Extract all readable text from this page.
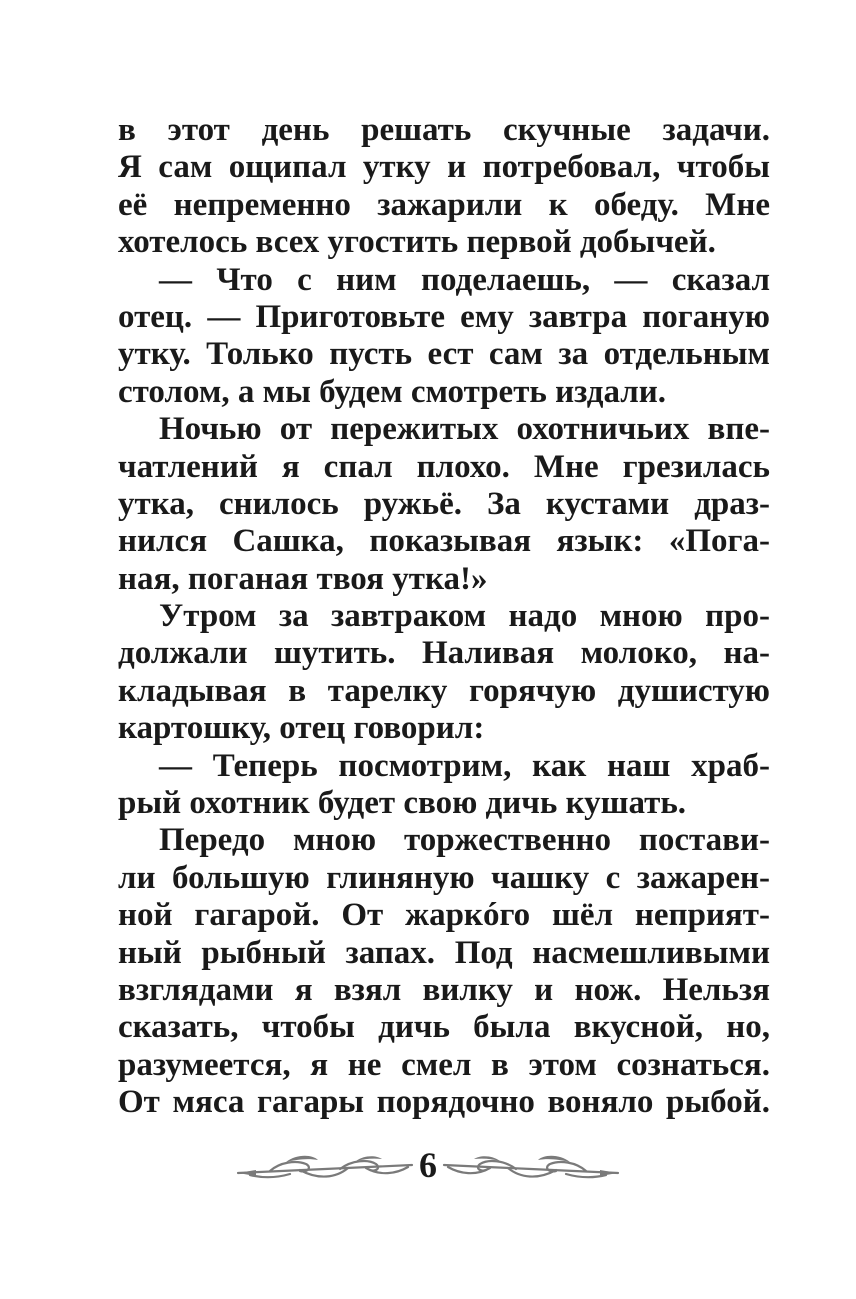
в этот день решать скучные задачи.
Я сам ощипал утку и потребовал, чтобы
её непременно зажарили к обеду. Мне
хотелось всех угостить первой добычей.
— Что с ним поделаешь, — сказал
отец. — Приготовьте ему завтра поганую
утку. Только пусть ест сам за отдельным
столом, а мы будем смотреть издали.
Ночью от пережитых охотничьих впе-
чатлений я спал плохо. Мне грезилась
утка, снилось ружьё. За кустами драз-
нился Сашка, показывая язык: «Пога-
ная, поганая твоя утка!»
Утром за завтраком надо мною про-
должали шутить. Наливая молоко, на-
кладывая в тарелку горячую душистую
картошку, отец говорил:
— Теперь посмотрим, как наш храб-
рый охотник будет свою дичь кушать.
Передо мною торжественно постави-
ли большую глиняную чашку с зажарен-
ной гагарой. От жаркóго шёл неприят-
ный рыбный запах. Под насмешливыми
взглядами я взял вилку и нож. Нельзя
сказать, чтобы дичь была вкусной, но,
разумеется, я не смел в этом сознаться.
От мяса гагары порядочно воняло рыбой.
6
